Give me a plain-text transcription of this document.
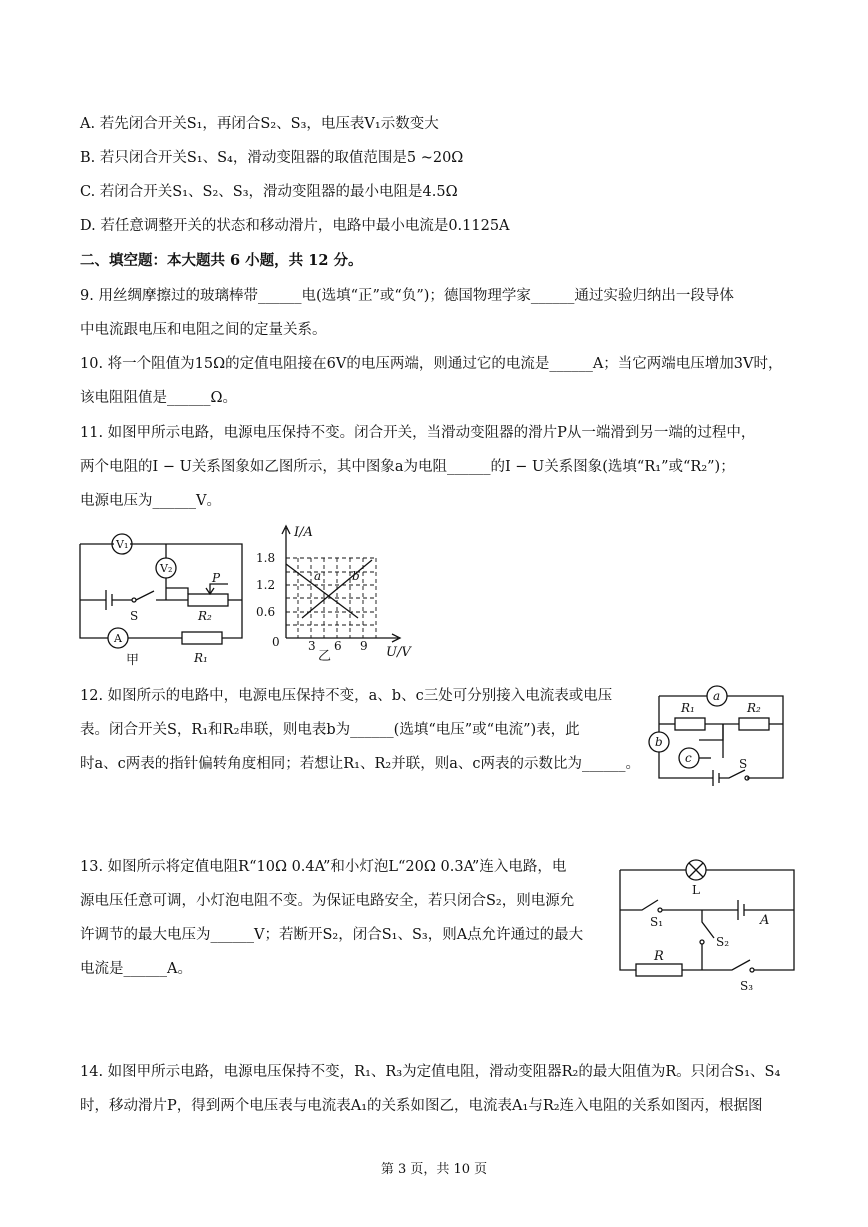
A. 若先闭合开关S₁，再闭合S₂、S₃，电压表V₁示数变大
B. 若只闭合开关S₁、S₄，滑动变阻器的取值范围是5 ~20Ω
C. 若闭合开关S₁、S₂、S₃，滑动变阻器的最小电阻是4.5Ω
D. 若任意调整开关的状态和移动滑片，电路中最小电流是0.1125A
二、填空题：本大题共 6 小题，共 12 分。
9. 用丝绸摩擦过的玻璃棒带______电(选填“正”或“负”)；德国物理学家______通过实验归纳出一段导体
中电流跟电压和电阻之间的定量关系。
10. 将一个阻值为15Ω的定值电阻接在6V的电压两端，则通过它的电流是______A；当它两端电压增加3V时，
该电阻阻值是______Ω。
11. 如图甲所示电路，电源电压保持不变。闭合开关，当滑动变阻器的滑片P从一端滑到另一端的过程中，
两个电阻的I − U关系图象如乙图所示，其中图象a为电阻______的I − U关系图象(选填“R₁”或“R₂”)；
电源电压为______V。
V₁
A
R₁
甲
S
P
R₂
V₂
I/A
U/V
1.8
1.2
0.6
0 3 6 9
a	b
乙
12. 如图所示的电路中，电源电压保持不变，a、b、c三处可分别接入电流表或电压
表。闭合开关S，R₁和R₂串联，则电表b为______(选填“电压”或“电流”)表，此
时a、c两表的指针偏转角度相同；若想让R₁、R₂并联，则a、c两表的示数比为______。
a
b
R₁	R₂
c	S
13. 如图所示将定值电阻R“10Ω 0.4A”和小灯泡L“20Ω 0.3A”连入电路，电
源电压任意可调，小灯泡电阻不变。为保证电路安全，若只闭合S₂，则电源允
许调节的最大电压为______V；若断开S₂，闭合S₁、S₃，则A点允许通过的最大
电流是______A。
L
R
S₃
S₁	A
S₂
14. 如图甲所示电路，电源电压保持不变，R₁、R₃为定值电阻，滑动变阻器R₂的最大阻值为R。只闭合S₁、S₄
时，移动滑片P，得到两个电压表与电流表A₁的关系如图乙，电流表A₁与R₂连入电阻的关系如图丙，根据图
第 3 页，共 10 页
